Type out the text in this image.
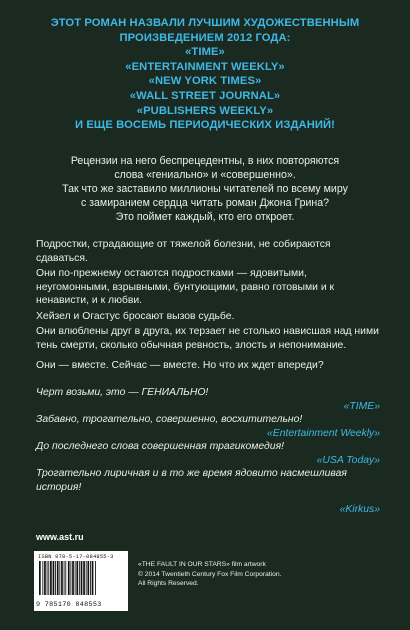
ЭТОТ РОМАН НАЗВАЛИ ЛУЧШИМ ХУДОЖЕСТВЕННЫМ
ПРОИЗВЕДЕНИЕМ 2012 ГОДА:
«TIME»
«ENTERTAINMENT WEEKLY»
«NEW YORK TIMES»
«WALL STREET JOURNAL»
«PUBLISHERS WEEKLY»
И ЕЩЕ ВОСЕМЬ ПЕРИОДИЧЕСКИХ ИЗДАНИЙ!
Рецензии на него беспрецедентны, в них повторяются
слова «гениально» и «совершенно».
Так что же заставило миллионы читателей по всему миру
с замиранием сердца читать роман Джона Грина?
Это поймет каждый, кто его откроет.

Подростки, страдающие от тяжелой болезни, не собираются сдаваться.

Они по-прежнему остаются подростками — ядовитыми, неугомонными, взрывными, бунтующими, равно готовыми и к ненависти, и к любви.

Хейзел и Огастус бросают вызов судьбе.

Они влюблены друг в друга, их терзает не столько нависшая над ними тень смерти, сколько обычная ревность, злость и непонимание.

Они — вместе. Сейчас — вместе. Но что их ждет впереди?

Черт возьми, это — ГЕНИАЛЬНО!
«TIME»
Забавно, трогательно, совершенно, восхитительно!
«Entertainment Weekly»
До последнего слова совершенная трагикомедия!
«USA Today»
Трогательно лиричная и в то же время ядовито насмешливая история!
«Kirkus»
www.ast.ru
ISBN 978-5-17-084855-3
9 785170 848553
«THE FAULT IN OUR STARS» film artwork
© 2014 Twentieth Century Fox Film Corporation.
All Rights Reserved.
